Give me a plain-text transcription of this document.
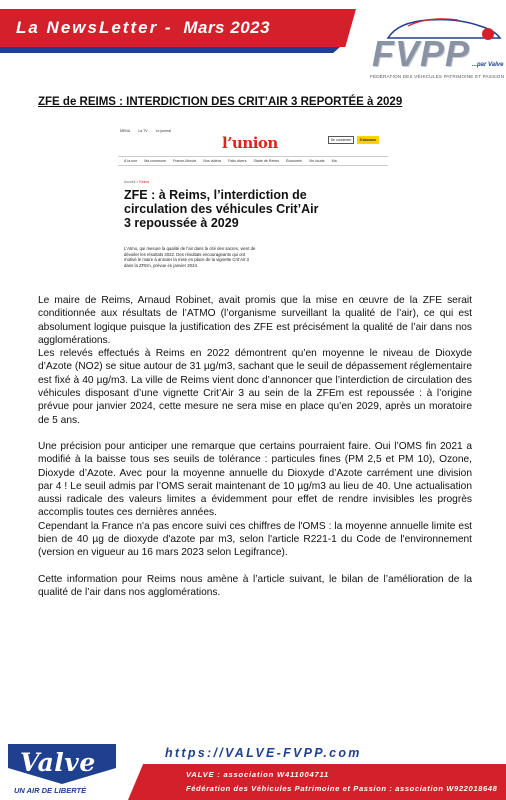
La NewsLetter - Mars 2023
FVPP ...par Valve
FÉDÉRATION DES VÉHICULES PATRIMOINE ET PASSION
ZFE de REIMS : INTERDICTION DES CRIT’AIR 3 REPORTÉE à 2029
MENU La TV Le journal
l’union	Se connecter	S'abonner
À la une Ma commune France-Monde Nos vidéos Faits divers Stade de Reims Économie Vie locale Ma
Accueil > Reims
ZFE : à Reims, l’interdiction de circulation des véhicules Crit’Air 3 repoussée à 2029
L’Atmo, qui mesure la qualité de l’air dans la cité des sacres, vient de dévoiler les résultats 2022. Des résultats encourageants qui ont motivé le maire à annuler la mise en place de la vignette Crit’Air 3 dans la ZFEm, prévue en janvier 2024.

Le maire de Reims, Arnaud Robinet, avait promis que la mise en œuvre de la ZFE serait conditionnée aux résultats de l’ATMO (l’organisme surveillant la qualité de l’air), ce qui est absolument logique puisque la justification des ZFE est précisément la qualité de l’air dans nos agglomérations.

Les relevés effectués à Reims en 2022 démontrent qu’en moyenne le niveau de Dioxyde d’Azote (NO2) se situe autour de 31 µg/m3, sachant que le seuil de dépassement réglementaire est fixé à 40 µg/m3. La ville de Reims vient donc d’annoncer que l’interdiction de circulation des véhicules disposant d’une vignette Crit’Air 3 au sein de la ZFEm est repoussée : à l’origine prévue pour janvier 2024, cette mesure ne sera mise en place qu’en 2029, après un moratoire de 5 ans.

Une précision pour anticiper une remarque que certains pourraient faire. Oui l’OMS fin 2021 a modifié à la baisse tous ses seuils de tolérance : particules fines (PM 2,5 et PM 10), Ozone, Dioxyde d’Azote. Avec pour la moyenne annuelle du Dioxyde d’Azote carrément une division par 4 ! Le seuil admis par l’OMS serait maintenant de 10 µg/m3 au lieu de 40. Une actualisation aussi radicale des valeurs limites a évidemment pour effet de rendre invisibles les progrès accomplis toutes ces dernières années.

Cependant la France n'a pas encore suivi ces chiffres de l'OMS : la moyenne annuelle limite est bien de 40 µg de dioxyde d'azote par m3, selon l'article R221-1 du Code de l'environnement (version en vigueur au 16 mars 2023 selon Legifrance).

Cette information pour Reims nous amène à l’article suivant, le bilan de l’amélioration de la qualité de l’air dans nos agglomérations.

Valve
UN AIR DE LIBERTÉ
https://VALVE-FVPP.com
VALVE : association W411004711
Fédération des Véhicules Patrimoine et Passion : association W922018648
